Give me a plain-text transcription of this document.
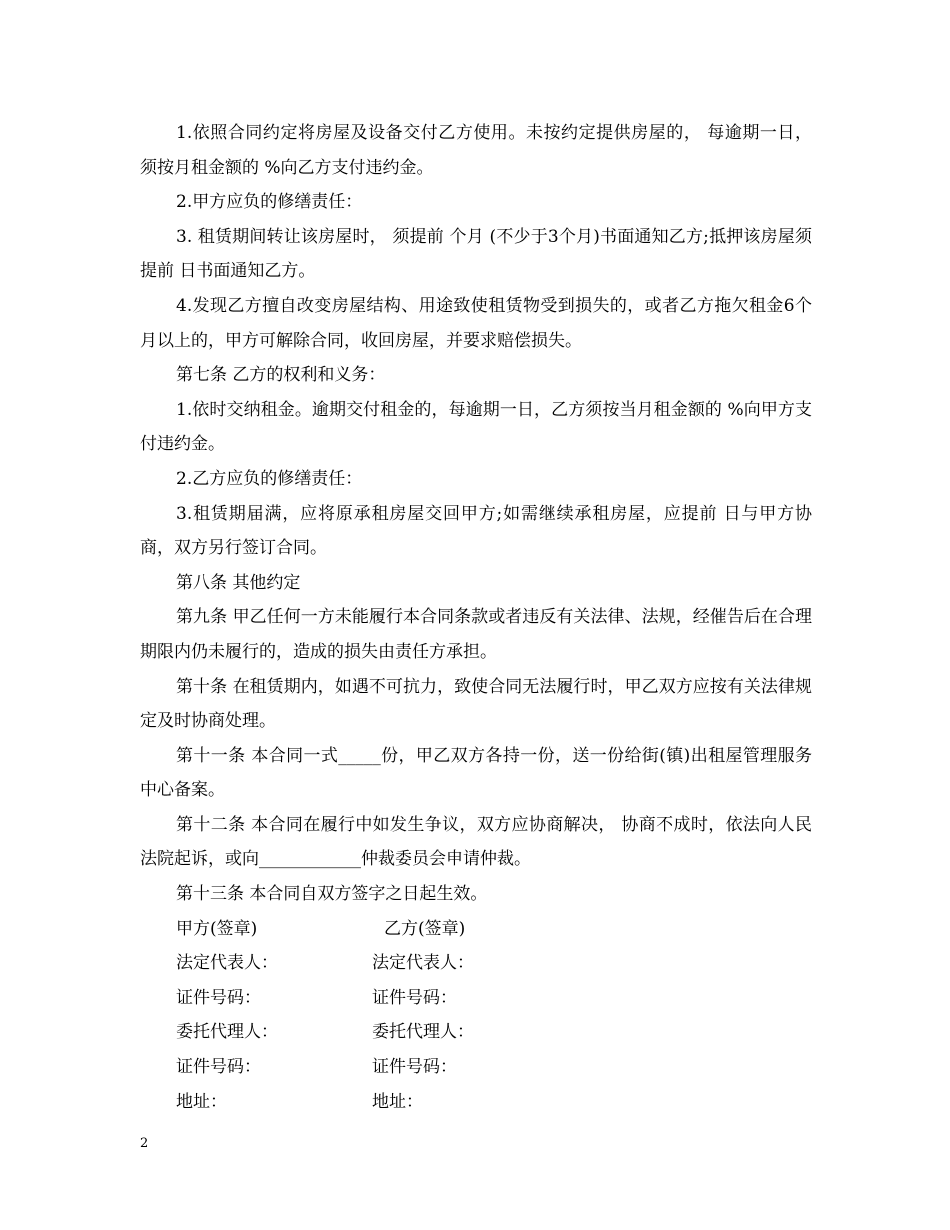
1.依照合同约定将房屋及设备交付乙方使用。未按约定提供房屋的， 每逾期一日， 须按月租金额的 %向乙方支付违约金。

2.甲方应负的修缮责任：

3. 租赁期间转让该房屋时， 须提前 个月 (不少于3个月)书面通知乙方;抵押该房屋须提前 日书面通知乙方。

4.发现乙方擅自改变房屋结构、用途致使租赁物受到损失的，或者乙方拖欠租金6个月以上的，甲方可解除合同，收回房屋，并要求赔偿损失。

第七条 乙方的权利和义务：

1.依时交纳租金。逾期交付租金的，每逾期一日，乙方须按当月租金额的 %向甲方支付违约金。

2.乙方应负的修缮责任：

3.租赁期届满，应将原承租房屋交回甲方;如需继续承租房屋，应提前 日与甲方协商，双方另行签订合同。

第八条 其他约定

第九条 甲乙任何一方未能履行本合同条款或者违反有关法律、法规，经催告后在合理期限内仍未履行的，造成的损失由责任方承担。

第十条 在租赁期内，如遇不可抗力，致使合同无法履行时，甲乙双方应按有关法律规定及时协商处理。

第十一条 本合同一式_____份，甲乙双方各持一份，送一份给街(镇)出租屋管理服务中心备案。

第十二条 本合同在履行中如发生争议，双方应协商解决， 协商不成时，依法向人民法院起诉，或向____________仲裁委员会申请仲裁。

第十三条 本合同自双方签字之日起生效。

甲方(签章)	乙方(签章)
法定代表人：	法定代表人：
证件号码：	证件号码：
委托代理人：	委托代理人：
证件号码：	证件号码：
地址：	地址：
2
